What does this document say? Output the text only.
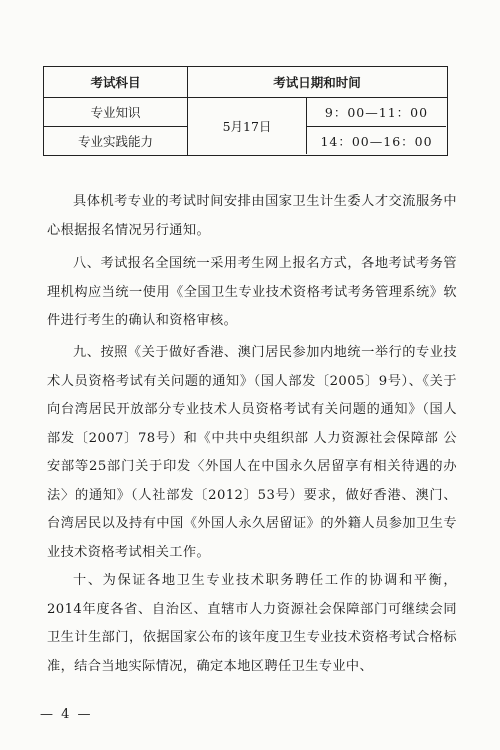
考试科目	考试日期和时间
专业知识
专业实践能力
5月17日
9：00—11：00
14：00—16：00

具体机考专业的考试时间安排由国家卫生计生委人才交流服务中心根据报名情况另行通知。

八、考试报名全国统一采用考生网上报名方式，各地考试考务管理机构应当统一使用《全国卫生专业技术资格考试考务管理系统》软件进行考生的确认和资格审核。

九、按照《关于做好香港、澳门居民参加内地统一举行的专业技术人员资格考试有关问题的通知》（国人部发〔2005〕9号）、《关于向台湾居民开放部分专业技术人员资格考试有关问题的通知》（国人部发〔2007〕78号）和《中共中央组织部 人力资源社会保障部 公安部等25部门关于印发〈外国人在中国永久居留享有相关待遇的办法〉的通知》（人社部发〔2012〕53号）要求，做好香港、澳门、台湾居民以及持有中国《外国人永久居留证》的外籍人员参加卫生专业技术资格考试相关工作。

十、为保证各地卫生专业技术职务聘任工作的协调和平衡，2014年度各省、自治区、直辖市人力资源社会保障部门可继续会同卫生计生部门，依据国家公布的该年度卫生专业技术资格考试合格标准，结合当地实际情况，确定本地区聘任卫生专业中、

— 4 —
